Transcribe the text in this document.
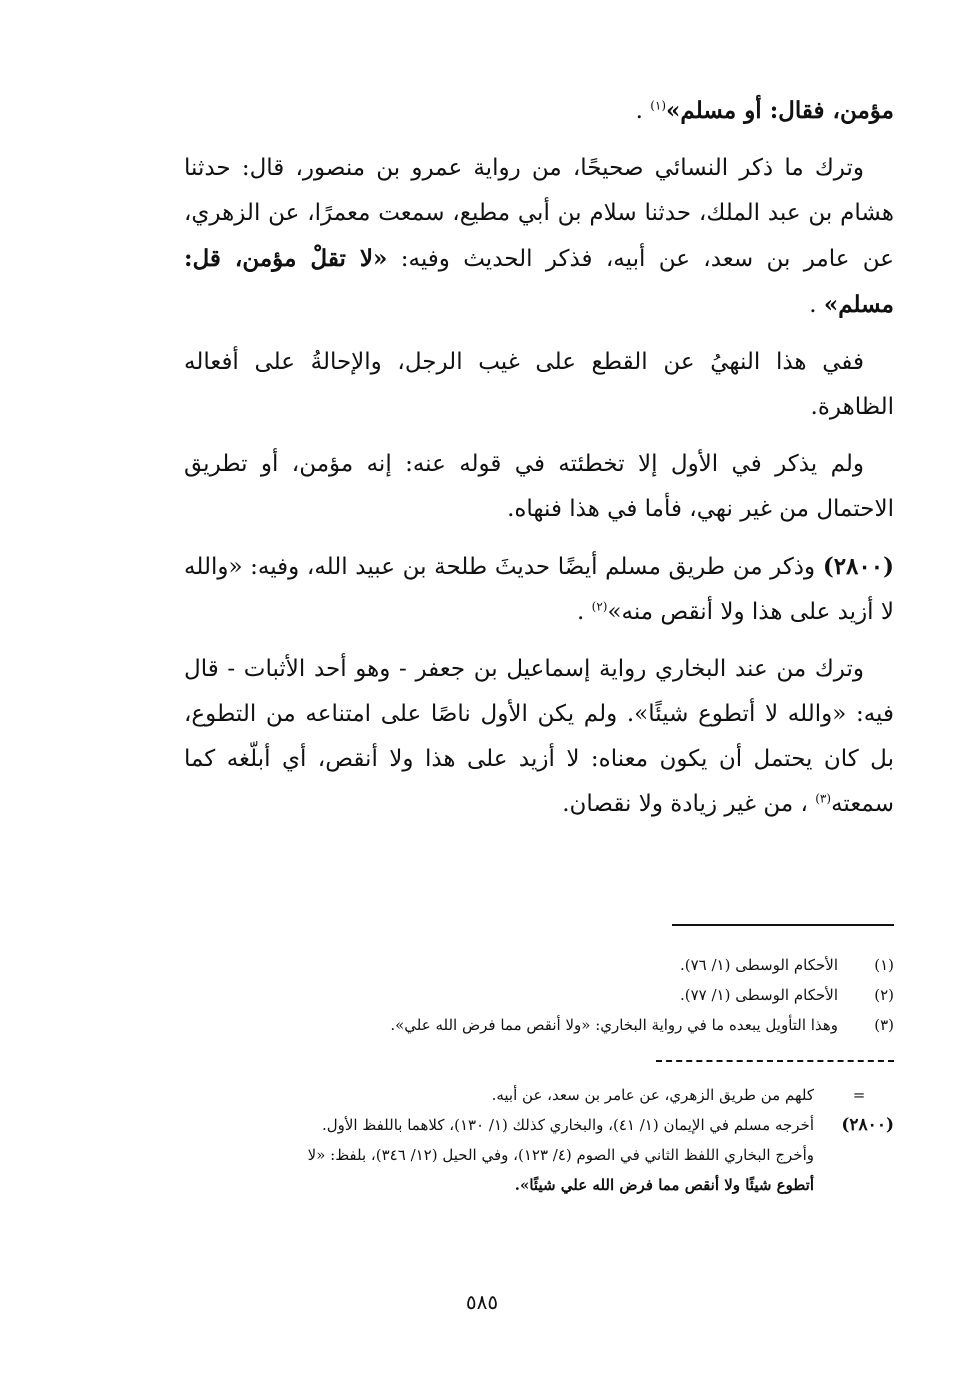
مؤمن، فقال: أو مسلم»$^{(١)}$ .

وترك ما ذكر النسائي صحيحًا، من رواية عمرو بن منصور، قال: حدثنا هشام بن عبد الملك، حدثنا سلام بن أبي مطيع، سمعت معمرًا، عن الزهري، عن عامر بن سعد، عن أبيه، فذكر الحديث وفيه: «لا تقلْ مؤمن، قل: مسلم» .

ففي هذا النهيُ عن القطع على غيب الرجل، والإحالةُ على أفعاله الظاهرة.

ولم يذكر في الأول إلا تخطئته في قوله عنه: إنه مؤمن، أو تطريق الاحتمال من غير نهي، فأما في هذا فنهاه.

(٢٨٠٠) وذكر من طريق مسلم أيضًا حديثَ طلحة بن عبيد الله، وفيه: «والله لا أزيد على هذا ولا أنقص منه»$^{(٢)}$ .

وترك من عند البخاري رواية إسماعيل بن جعفر - وهو أحد الأثبات - قال فيه: «والله لا أتطوع شيئًا». ولم يكن الأول ناصًا على امتناعه من التطوع، بل كان يحتمل أن يكون معناه: لا أزيد على هذا ولا أنقص، أي أبلّغه كما سمعته$^{(٣)}$ ، من غير زيادة ولا نقصان.

(١)
الأحكام الوسطى (١/ ٧٦).
(٢)
الأحكام الوسطى (١/ ٧٧).
(٣)
وهذا التأويل يبعده ما في رواية البخاري: «ولا أنقص مما فرض الله علي».
=
كلهم من طريق الزهري، عن عامر بن سعد، عن أبيه.
(٢٨٠٠)
أخرجه مسلم في الإيمان (١/ ٤١)، والبخاري كذلك (١/ ١٣٠)، كلاهما باللفظ الأول.
وأخرج البخاري اللفظ الثاني في الصوم (٤/ ١٢٣)، وفي الحيل (١٢/ ٣٤٦)، بلفظ: «لا
أتطوع شيئًا ولا أنقص مما فرض الله علي شيئًا».
٥٨٥
